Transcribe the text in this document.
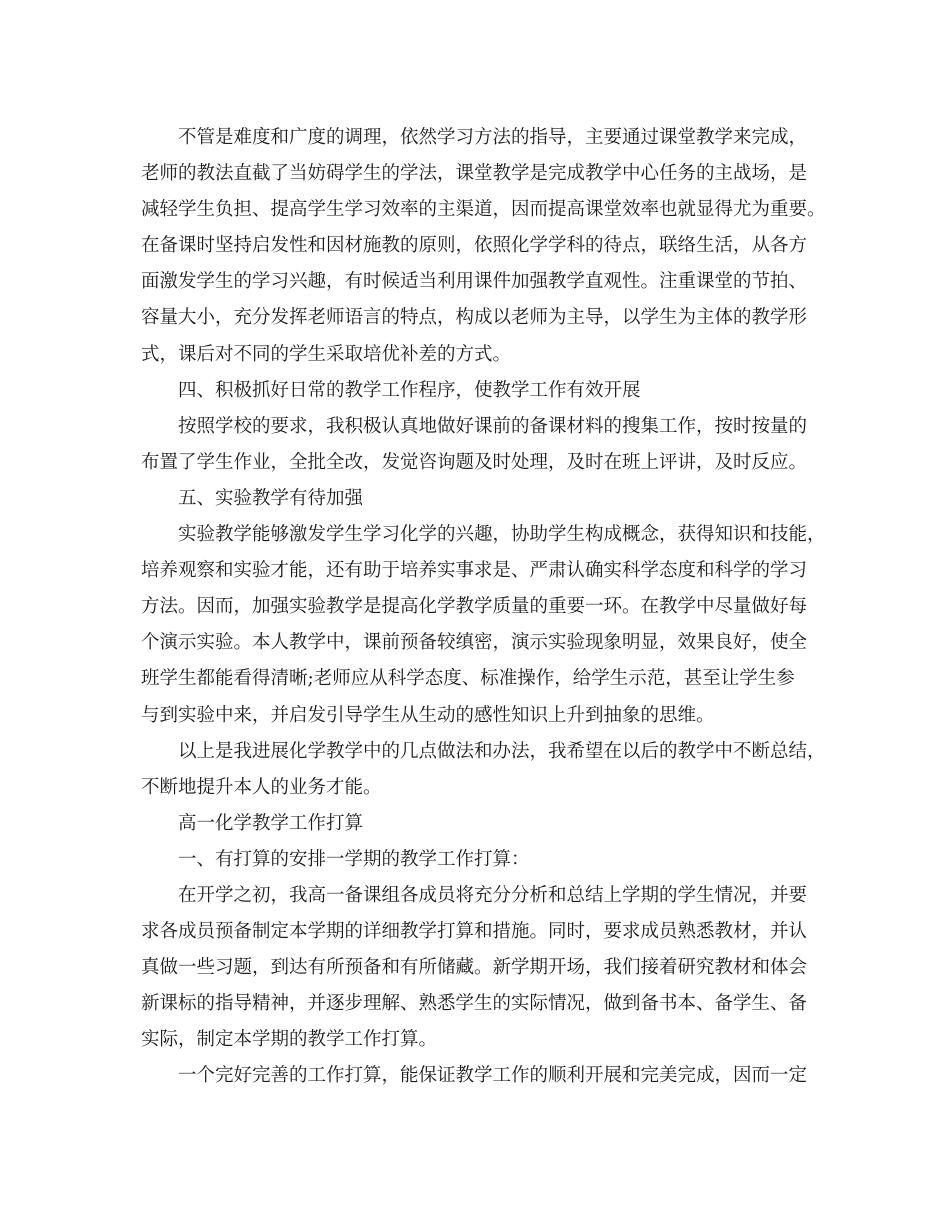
不管是难度和广度的调理，依然学习方法的指导，主要通过课堂教学来完成，
老师的教法直截了当妨碍学生的学法，课堂教学是完成教学中心任务的主战场，是
减轻学生负担、提高学生学习效率的主渠道，因而提高课堂效率也就显得尤为重要。
在备课时坚持启发性和因材施教的原则，依照化学学科的待点，联络生活，从各方
面激发学生的学习兴趣，有时候适当利用课件加强教学直观性。注重课堂的节拍、
容量大小，充分发挥老师语言的特点，构成以老师为主导，以学生为主体的教学形
式，课后对不同的学生采取培优补差的方式。
四、积极抓好日常的教学工作程序，使教学工作有效开展
按照学校的要求，我积极认真地做好课前的备课材料的搜集工作，按时按量的
布置了学生作业，全批全改，发觉咨询题及时处理，及时在班上评讲，及时反应。
五、实验教学有待加强
实验教学能够激发学生学习化学的兴趣，协助学生构成概念，获得知识和技能，
培养观察和实验才能，还有助于培养实事求是、严肃认确实科学态度和科学的学习
方法。因而，加强实验教学是提高化学教学质量的重要一环。在教学中尽量做好每
个演示实验。本人教学中，课前预备较缜密，演示实验现象明显，效果良好，使全
班学生都能看得清晰;老师应从科学态度、标准操作，给学生示范，甚至让学生参
与到实验中来，并启发引导学生从生动的感性知识上升到抽象的思维。
以上是我进展化学教学中的几点做法和办法，我希望在以后的教学中不断总结，
不断地提升本人的业务才能。
高一化学教学工作打算
一、有打算的安排一学期的教学工作打算：
在开学之初，我高一备课组各成员将充分分析和总结上学期的学生情况，并要
求各成员预备制定本学期的详细教学打算和措施。同时，要求成员熟悉教材，并认
真做一些习题，到达有所预备和有所储藏。新学期开场，我们接着研究教材和体会
新课标的指导精神，并逐步理解、熟悉学生的实际情况，做到备书本、备学生、备
实际，制定本学期的教学工作打算。
一个完好完善的工作打算，能保证教学工作的顺利开展和完美完成，因而一定
